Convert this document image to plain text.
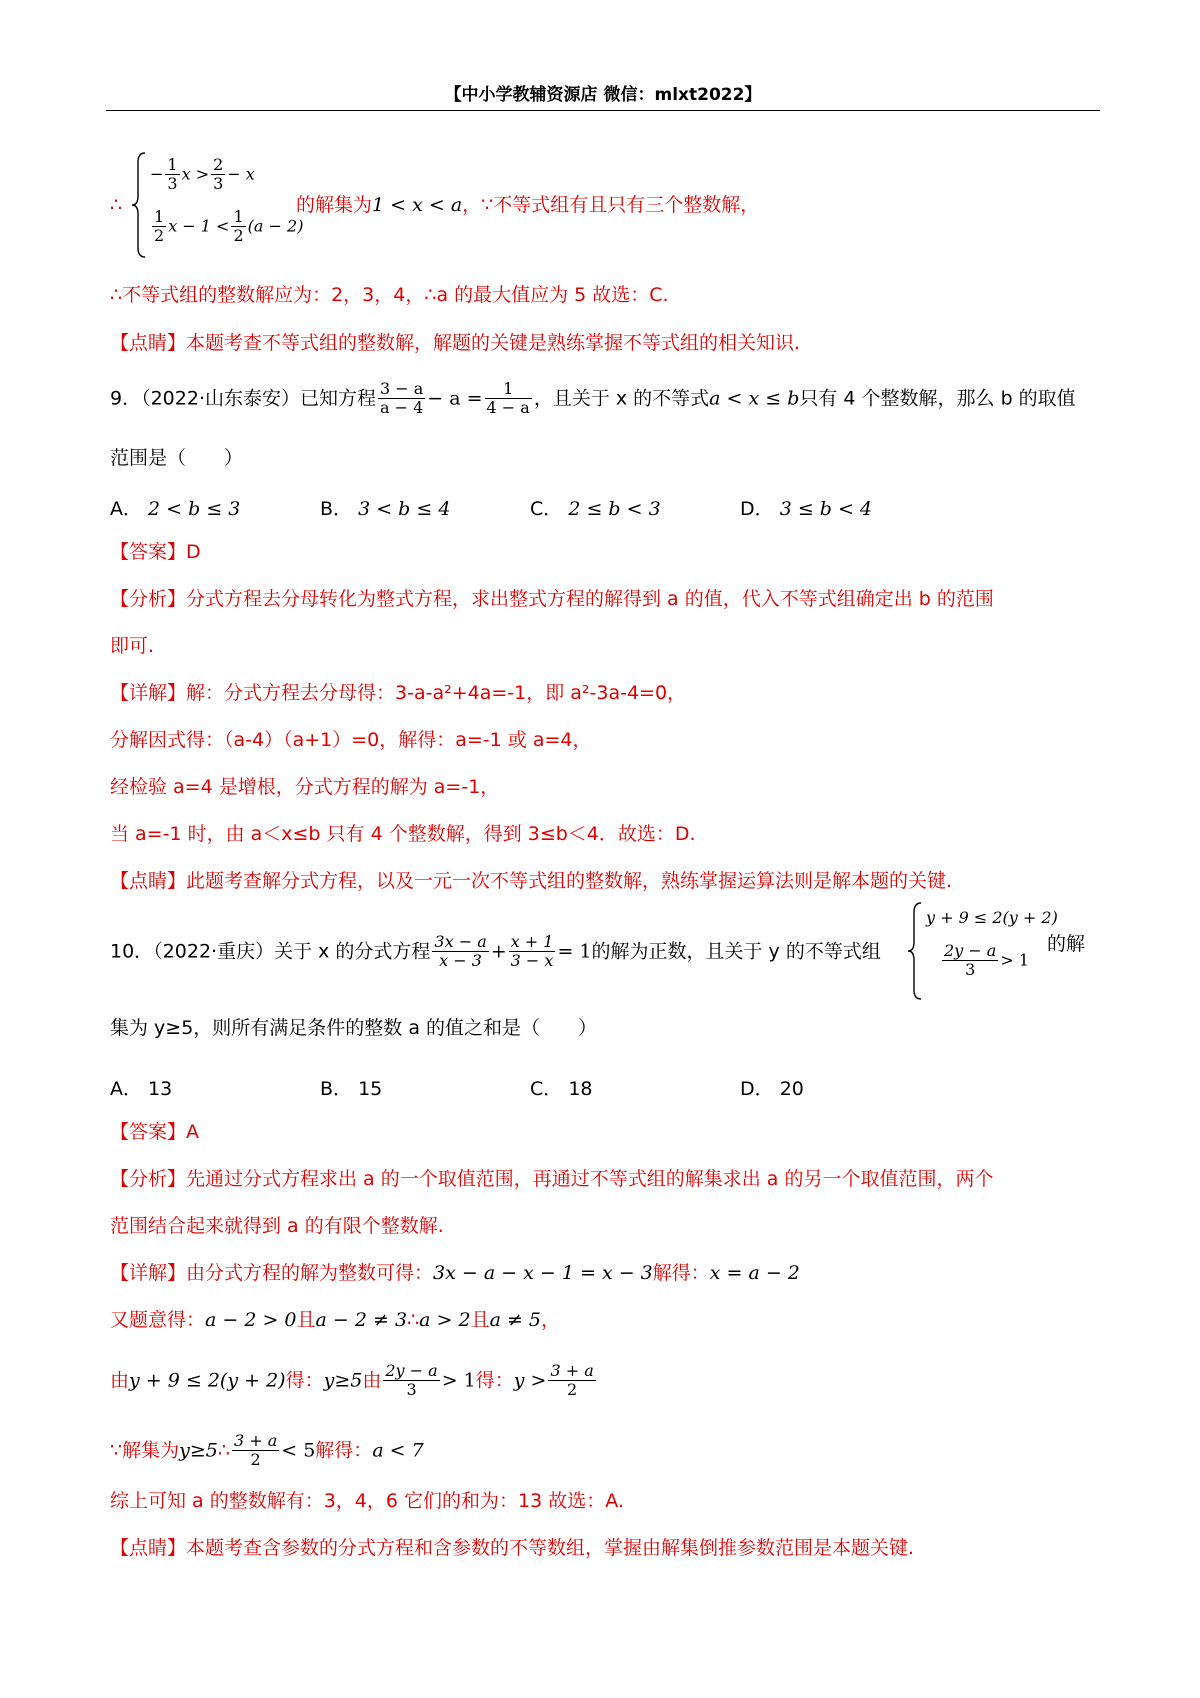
【中小学教辅资源店 微信：mlxt2022】
∴
− $\frac{1}{3}$ $x > \frac{2}{3} - x$
$\frac{1}{2}$ $x - 1 < \frac{1}{2} (a - 2)$
的解集为1 < x < a，∵不等式组有且只有三个整数解，
∴不等式组的整数解应为：2，3，4，∴a 的最大值应为 5 故选：C.
【点睛】本题考查不等式组的整数解，解题的关键是熟练掌握不等式组的相关知识.
9．（2022·山东泰安）已知方程 $\frac{3 - a}{a - 4} - a = \frac{1}{4 - a}$ ，且关于 x 的不等式a < x ≤ b只有 4 个整数解，那么 b 的取值
范围是（　　）
A． 2 < b ≤ 3	B． 3 < b ≤ 4	C． 2 ≤ b < 3	D． 3 ≤ b < 4
【答案】D
【分析】分式方程去分母转化为整式方程，求出整式方程的解得到 a 的值，代入不等式组确定出 b 的范围
即可.
【详解】解：分式方程去分母得：3-a-a²+4a=-1，即 a²-3a-4=0，
分解因式得：（a-4）（a+1）=0，解得：a=-1 或 a=4，
经检验 a=4 是增根，分式方程的解为 a=-1，
当 a=-1 时，由 a＜x≤b 只有 4 个整数解，得到 3≤b＜4．故选：D.
【点睛】此题考查解分式方程，以及一元一次不等式组的整数解，熟练掌握运算法则是解本题的关键.
10．（2022·重庆）关于 x 的分式方程 $\frac{3x - a}{x - 3} + \frac{x + 1}{3 - x} = 1$的解为正数，且关于 y 的不等式组
y + 9 ≤ 2(y + 2)
$\frac{2y - a}{3} > 1$
的解
集为 y≥5，则所有满足条件的整数 a 的值之和是（　　）
A． 13	B． 15	C． 18	D． 20
【答案】A
【分析】先通过分式方程求出 a 的一个取值范围，再通过不等式组的解集求出 a 的另一个取值范围，两个
范围结合起来就得到 a 的有限个整数解.
【详解】由分式方程的解为整数可得：3x − a − x − 1 = x − 3解得：x = a − 2
又题意得：a − 2 > 0且a − 2 ≠ 3∴a > 2且a ≠ 5，
由y + 9 ≤ 2(y + 2)得：y≥5由 $\frac{2y - a}{3} > 1$得：$y > \frac{3 + a}{2}$
∵解集为y≥5∴ $\frac{3 + a}{2} < 5$解得：a < 7
综上可知 a 的整数解有：3，4，6 它们的和为：13 故选：A.
【点睛】本题考查含参数的分式方程和含参数的不等数组，掌握由解集倒推参数范围是本题关键.
